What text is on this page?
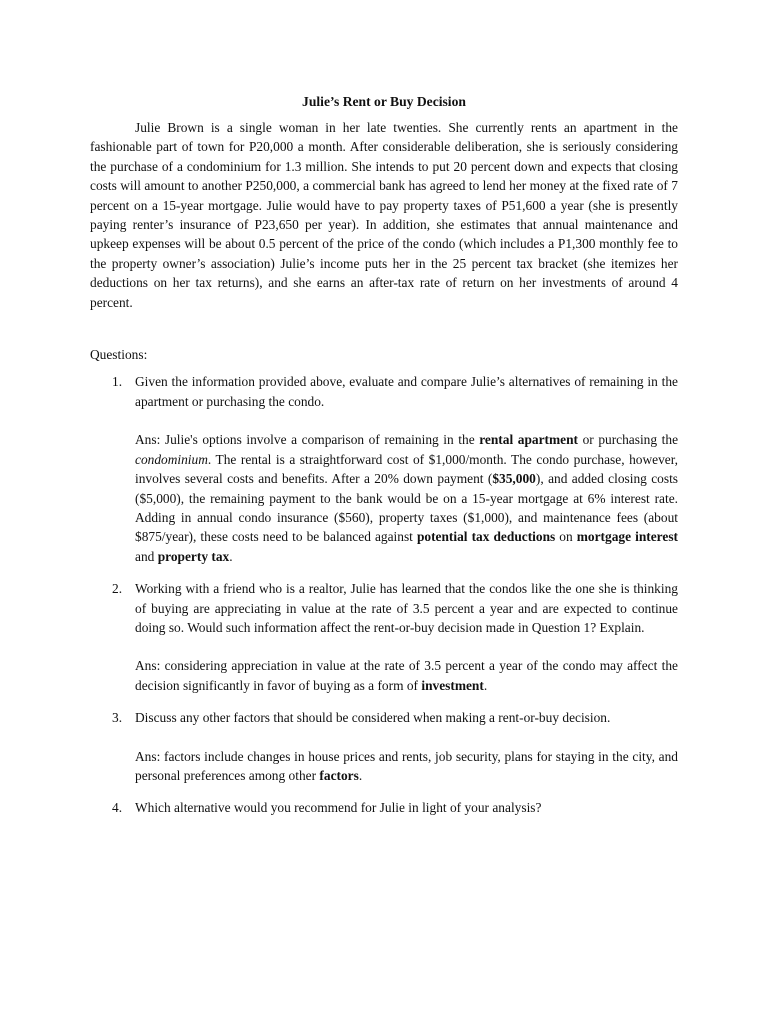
Julie’s Rent or Buy Decision

Julie Brown is a single woman in her late twenties. She currently rents an apartment in the fashionable part of town for P20,000 a month. After considerable deliberation, she is seriously considering the purchase of a condominium for 1.3 million. She intends to put 20 percent down and expects that closing costs will amount to another P250,000, a commercial bank has agreed to lend her money at the fixed rate of 7 percent on a 15-year mortgage. Julie would have to pay property taxes of P51,600 a year (she is presently paying renter’s insurance of P23,650 per year). In addition, she estimates that annual maintenance and upkeep expenses will be about 0.5 percent of the price of the condo (which includes a P1,300 monthly fee to the property owner’s association) Julie’s income puts her in the 25 percent tax bracket (she itemizes her deductions on her tax returns), and she earns an after-tax rate of return on her investments of around 4 percent.

Questions:
1. Given the information provided above, evaluate and compare Julie’s alternatives of remaining in the apartment or purchasing the condo.

Ans: Julie's options involve a comparison of remaining in the rental apartment or purchasing the condominium. The rental is a straightforward cost of $1,000/month. The condo purchase, however, involves several costs and benefits. After a 20% down payment ($35,000), and added closing costs ($5,000), the remaining payment to the bank would be on a 15-year mortgage at 6% interest rate. Adding in annual condo insurance ($560), property taxes ($1,000), and maintenance fees (about $875/year), these costs need to be balanced against potential tax deductions on mortgage interest and property tax.

2. Working with a friend who is a realtor, Julie has learned that the condos like the one she is thinking of buying are appreciating in value at the rate of 3.5 percent a year and are expected to continue doing so. Would such information affect the rent-or-buy decision made in Question 1? Explain.

Ans: considering appreciation in value at the rate of 3.5 percent a year of the condo may affect the decision significantly in favor of buying as a form of investment.

3. Discuss any other factors that should be considered when making a rent-or-buy decision.

Ans: factors include changes in house prices and rents, job security, plans for staying in the city, and personal preferences among other factors.

4. Which alternative would you recommend for Julie in light of your analysis?
